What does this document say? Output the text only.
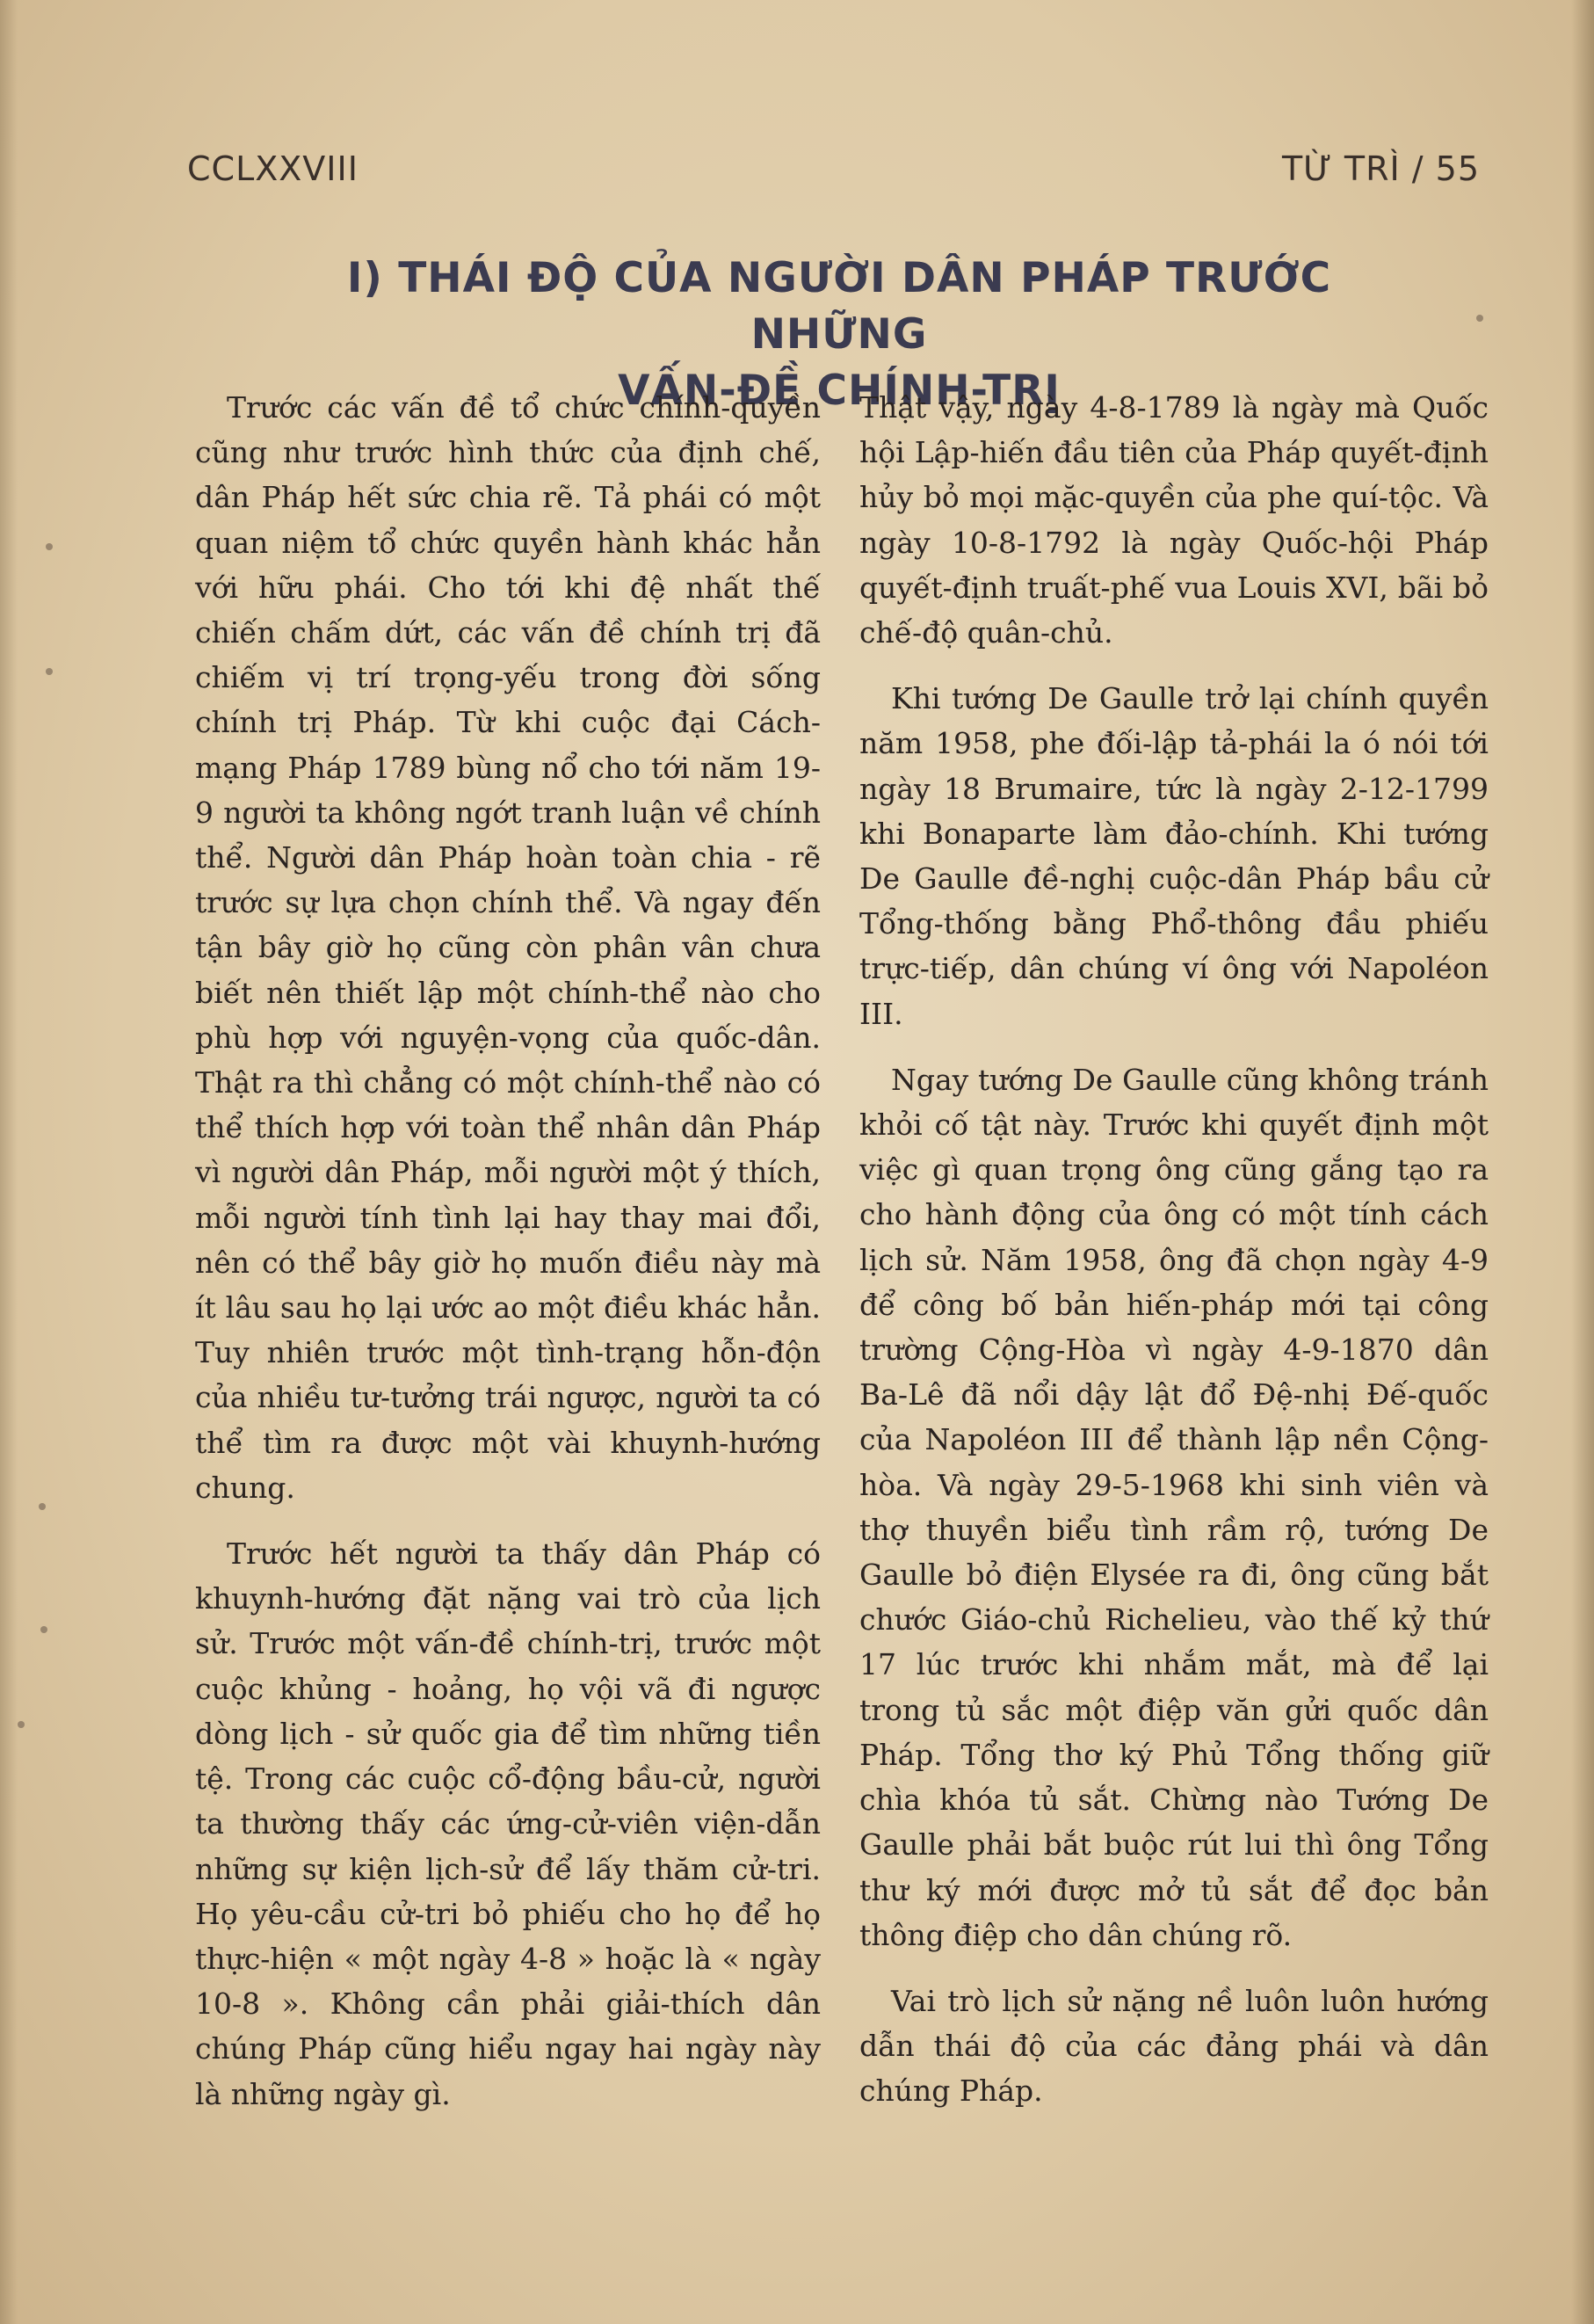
CCLXXVIII	TỪ TRÌ / 55
I) THÁI ĐỘ CỦA NGƯỜI DÂN PHÁP TRƯỚC NHỮNG
VẤN-ĐỀ CHÍNH-TRỊ

Trước các vấn đề tổ chức chính-quyền cũng như trước hình thức của định chế, dân Pháp hết sức chia rẽ. Tả phái có một quan niệm tổ chức quyền hành khác hẳn với hữu phái. Cho tới khi đệ nhất thế chiến chấm dứt, các vấn đề chính trị đã chiếm vị trí trọng-yếu trong đời sống chính trị Pháp. Từ khi cuộc đại Cách-mạng Pháp 1789 bùng nổ cho tới năm 19-9 người ta không ngớt tranh luận về chính thể. Người dân Pháp hoàn toàn chia - rẽ trước sự lựa chọn chính thể. Và ngay đến tận bây giờ họ cũng còn phân vân chưa biết nên thiết lập một chính-thể nào cho phù hợp với nguyện-vọng của quốc-dân. Thật ra thì chẳng có một chính-thể nào có thể thích hợp với toàn thể nhân dân Pháp vì người dân Pháp, mỗi người một ý thích, mỗi người tính tình lại hay thay mai đổi, nên có thể bây giờ họ muốn điều này mà ít lâu sau họ lại ước ao một điều khác hẳn. Tuy nhiên trước một tình-trạng hỗn-độn của nhiều tư-tưởng trái ngược, người ta có thể tìm ra được một vài khuynh-hướng chung.

Trước hết người ta thấy dân Pháp có khuynh-hướng đặt nặng vai trò của lịch sử. Trước một vấn-đề chính-trị, trước một cuộc khủng - hoảng, họ vội vã đi ngược dòng lịch - sử quốc gia để tìm những tiền tệ. Trong các cuộc cổ-động bầu-cử, người ta thường thấy các ứng-cử-viên viện-dẫn những sự kiện lịch-sử để lấy thăm cử-tri. Họ yêu-cầu cử-tri bỏ phiếu cho họ để họ thực-hiện « một ngày 4-8 » hoặc là « ngày 10-8 ». Không cần phải giải-thích dân chúng Pháp cũng hiểu ngay hai ngày này là những ngày gì.

Thật vậy, ngày 4-8-1789 là ngày mà Quốc hội Lập-hiến đầu tiên của Pháp quyết-định hủy bỏ mọi mặc-quyền của phe quí-tộc. Và ngày 10-8-1792 là ngày Quốc-hội Pháp quyết-định truất-phế vua Louis XVI, bãi bỏ chế-độ quân-chủ.

Khi tướng De Gaulle trở lại chính quyền năm 1958, phe đối-lập tả-phái la ó nói tới ngày 18 Brumaire, tức là ngày 2-12-1799 khi Bonaparte làm đảo-chính. Khi tướng De Gaulle đề-nghị cuộc-dân Pháp bầu cử Tổng-thống bằng Phổ-thông đầu phiếu trực-tiếp, dân chúng ví ông với Napoléon III.

Ngay tướng De Gaulle cũng không tránh khỏi cố tật này. Trước khi quyết định một việc gì quan trọng ông cũng gắng tạo ra cho hành động của ông có một tính cách lịch sử. Năm 1958, ông đã chọn ngày 4-9 để công bố bản hiến-pháp mới tại công trường Cộng-Hòa vì ngày 4-9-1870 dân Ba-Lê đã nổi dậy lật đổ Đệ-nhị Đế-quốc của Napoléon III để thành lập nền Cộng-hòa. Và ngày 29-5-1968 khi sinh viên và thợ thuyền biểu tình rầm rộ, tướng De Gaulle bỏ điện Elysée ra đi, ông cũng bắt chước Giáo-chủ Richelieu, vào thế kỷ thứ 17 lúc trước khi nhắm mắt, mà để lại trong tủ sắc một điệp văn gửi quốc dân Pháp. Tổng thơ ký Phủ Tổng thống giữ chìa khóa tủ sắt. Chừng nào Tướng De Gaulle phải bắt buộc rút lui thì ông Tổng thư ký mới được mở tủ sắt để đọc bản thông điệp cho dân chúng rõ.

Vai trò lịch sử nặng nề luôn luôn hướng dẫn thái độ của các đảng phái và dân chúng Pháp.
